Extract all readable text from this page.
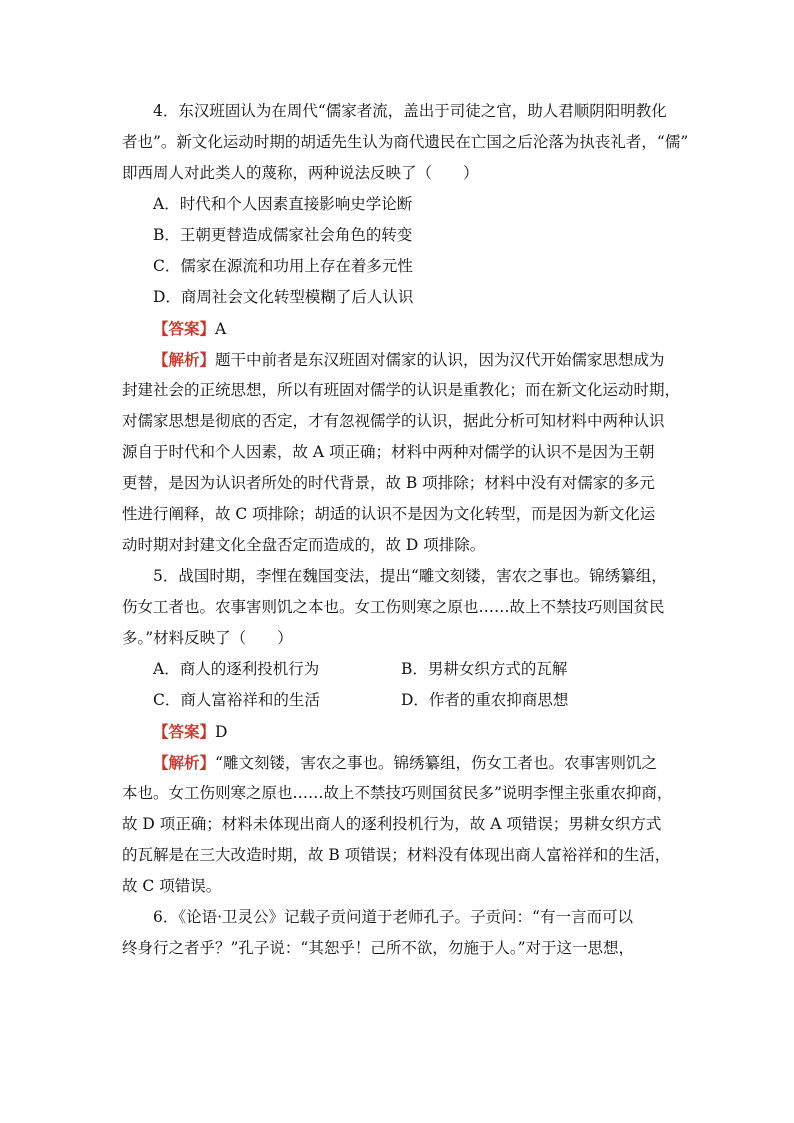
4．东汉班固认为在周代“儒家者流，盖出于司徒之官，助人君顺阴阳明教化
者也”。新文化运动时期的胡适先生认为商代遗民在亡国之后沦落为执丧礼者，“儒”
即西周人对此类人的蔑称，两种说法反映了（　　）
A．时代和个人因素直接影响史学论断
B．王朝更替造成儒家社会角色的转变
C．儒家在源流和功用上存在着多元性
D．商周社会文化转型模糊了后人认识
【答案】A
【解析】题干中前者是东汉班固对儒家的认识，因为汉代开始儒家思想成为
封建社会的正统思想，所以有班固对儒学的认识是重教化；而在新文化运动时期，
对儒家思想是彻底的否定，才有忽视儒学的认识，据此分析可知材料中两种认识
源自于时代和个人因素，故 A 项正确；材料中两种对儒学的认识不是因为王朝
更替，是因为认识者所处的时代背景，故 B 项排除；材料中没有对儒家的多元
性进行阐释，故 C 项排除；胡适的认识不是因为文化转型，而是因为新文化运
动时期对封建文化全盘否定而造成的，故 D 项排除。
5．战国时期，李悝在魏国变法，提出“雕文刻镂，害农之事也。锦绣纂组，
伤女工者也。农事害则饥之本也。女工伤则寒之原也……故上不禁技巧则国贫民
多。”材料反映了（　　）
A．商人的逐利投机行为	B．男耕女织方式的瓦解
C．商人富裕祥和的生活	D．作者的重农抑商思想
【答案】D
【解析】“雕文刻镂，害农之事也。锦绣纂组，伤女工者也。农事害则饥之
本也。女工伤则寒之原也……故上不禁技巧则国贫民多”说明李悝主张重农抑商，
故 D 项正确；材料未体现出商人的逐利投机行为，故 A 项错误；男耕女织方式
的瓦解是在三大改造时期，故 B 项错误；材料没有体现出商人富裕祥和的生活，
故 C 项错误。
6．《论语·卫灵公》记载子贡问道于老师孔子。子贡问：“有一言而可以
终身行之者乎？”孔子说：“其恕乎！己所不欲，勿施于人。”对于这一思想，
